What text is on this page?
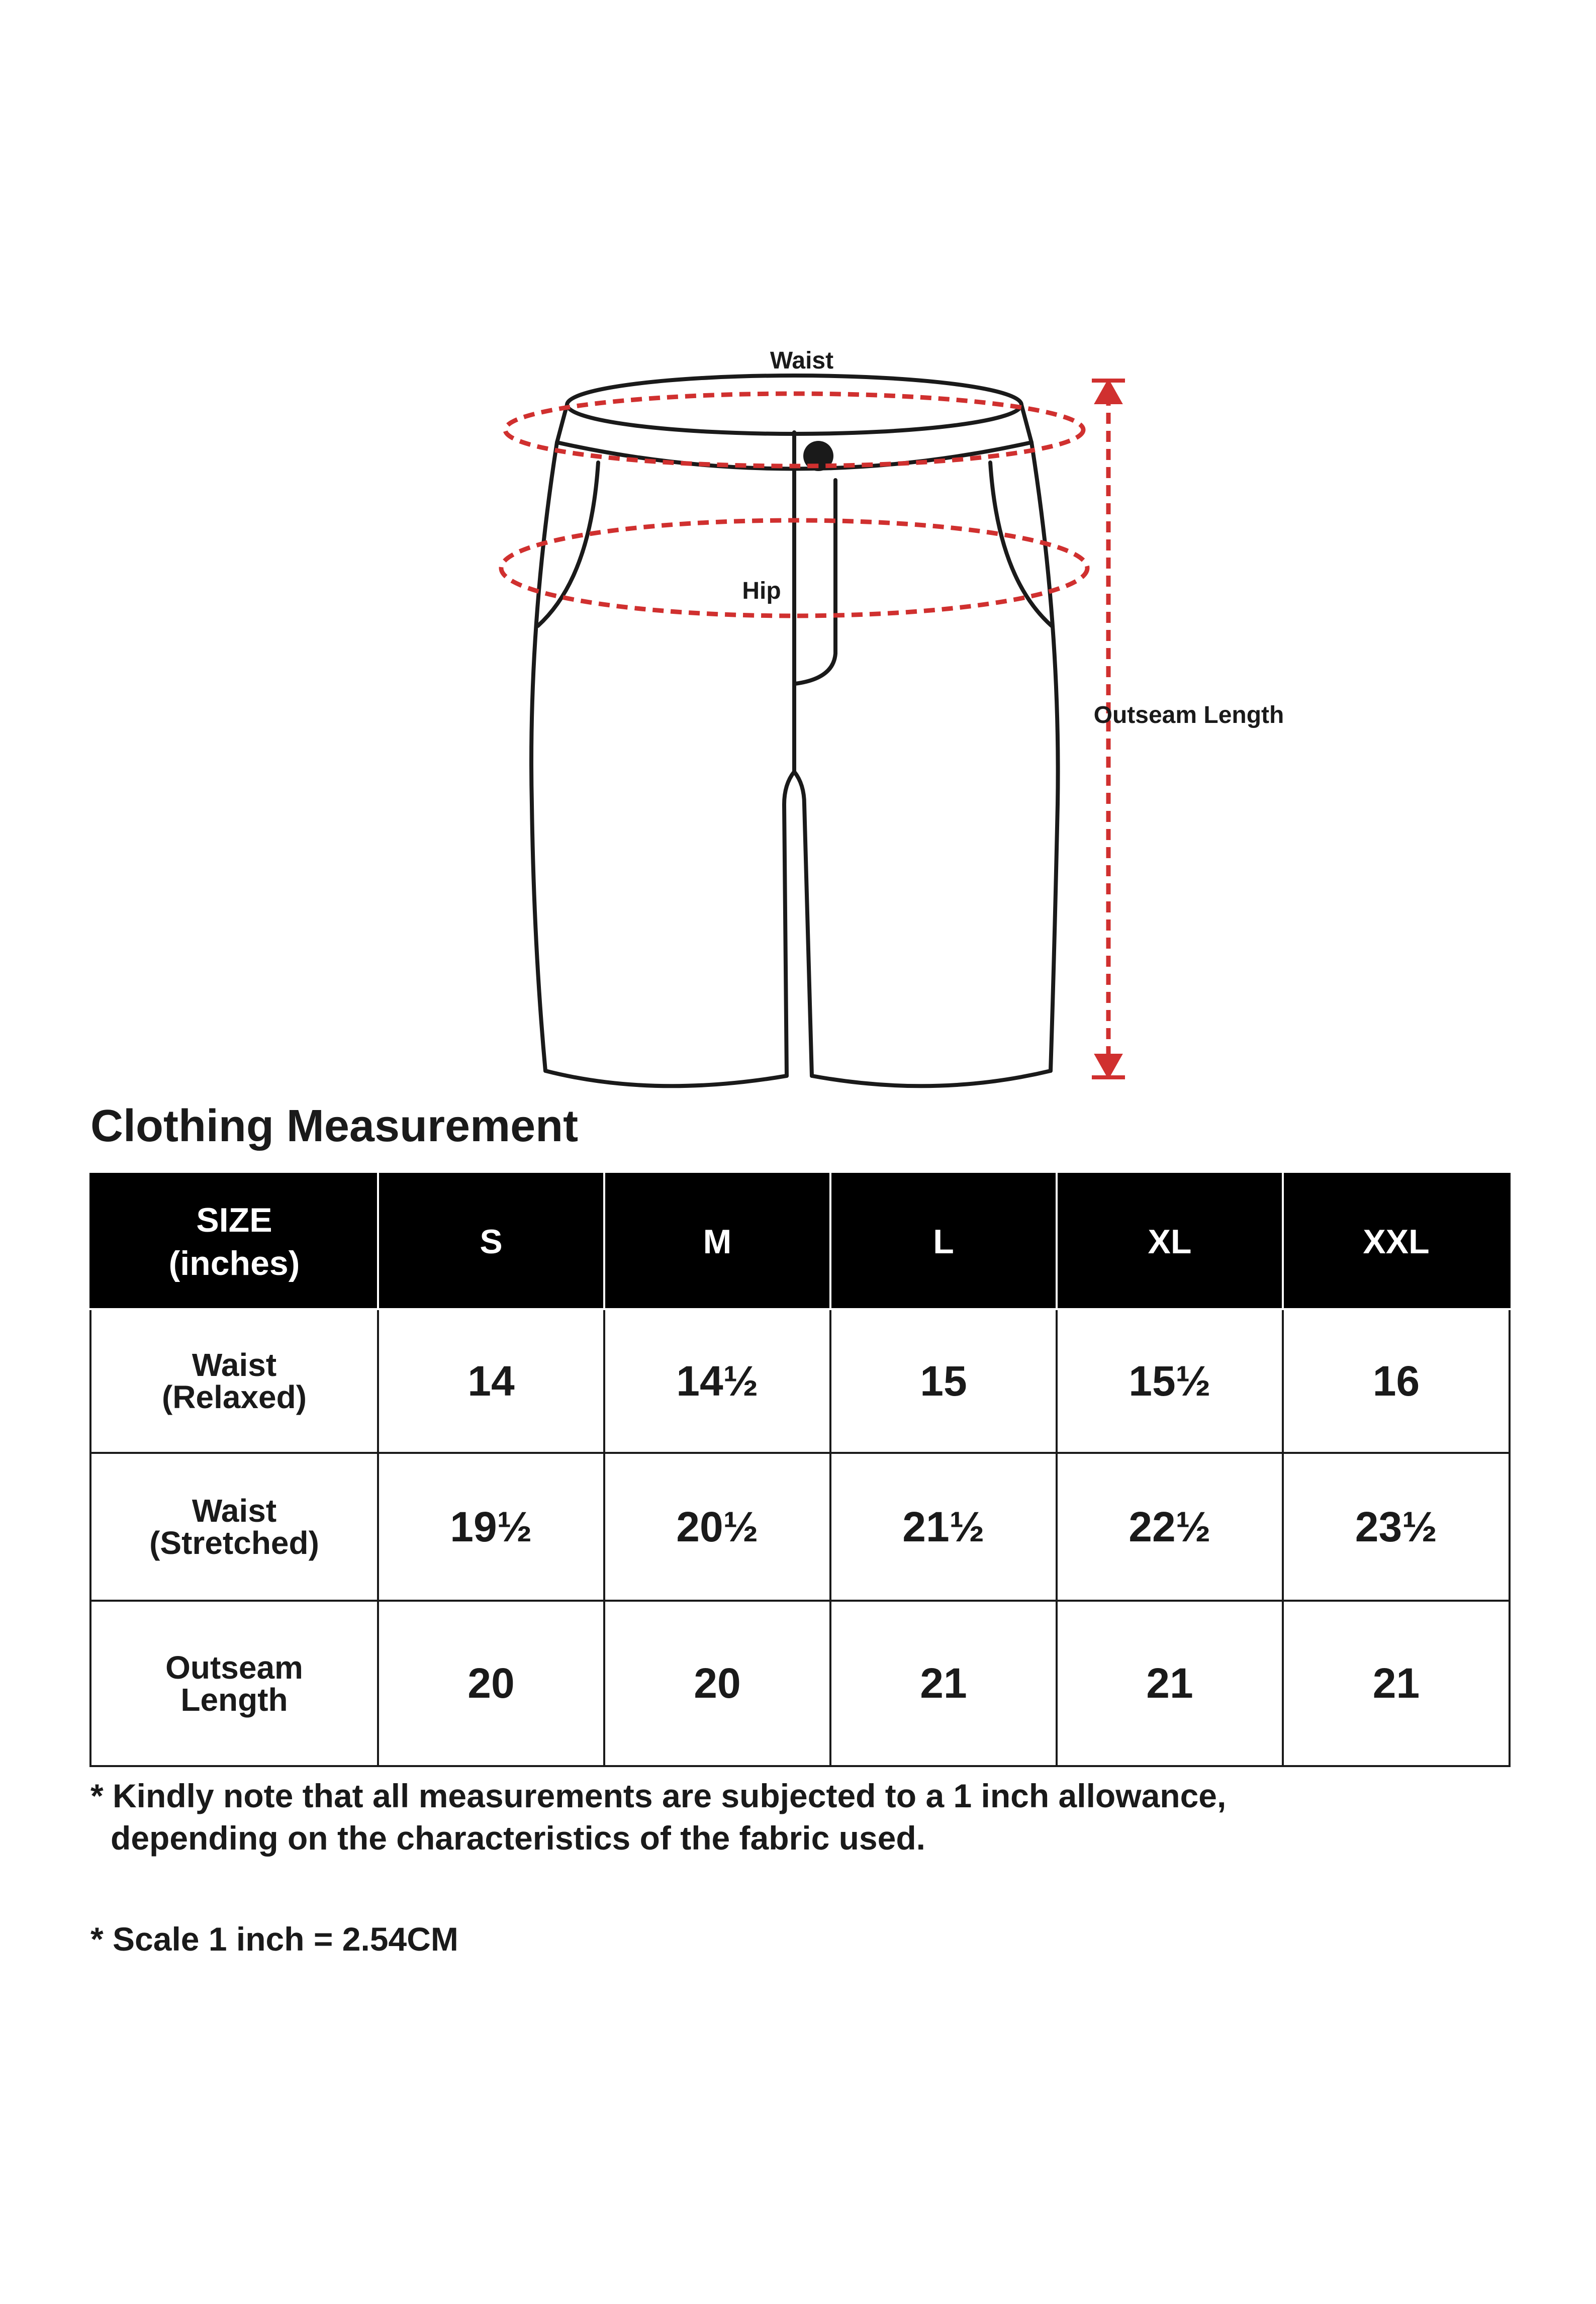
Waist
Hip
Outseam Length
Clothing Measurement
SIZE
(inches)	S	M	L	XL	XXL

Waist
(Relaxed)	14	14½	15	15½	16

Waist
(Stretched)	19½	20½	21½	22½	23½

Outseam
Length	20	20	21	21	21

* Kindly note that all measurements are subjected to a 1 inch allowance,
depending on the characteristics of the fabric used.

* Scale 1 inch = 2.54CM
